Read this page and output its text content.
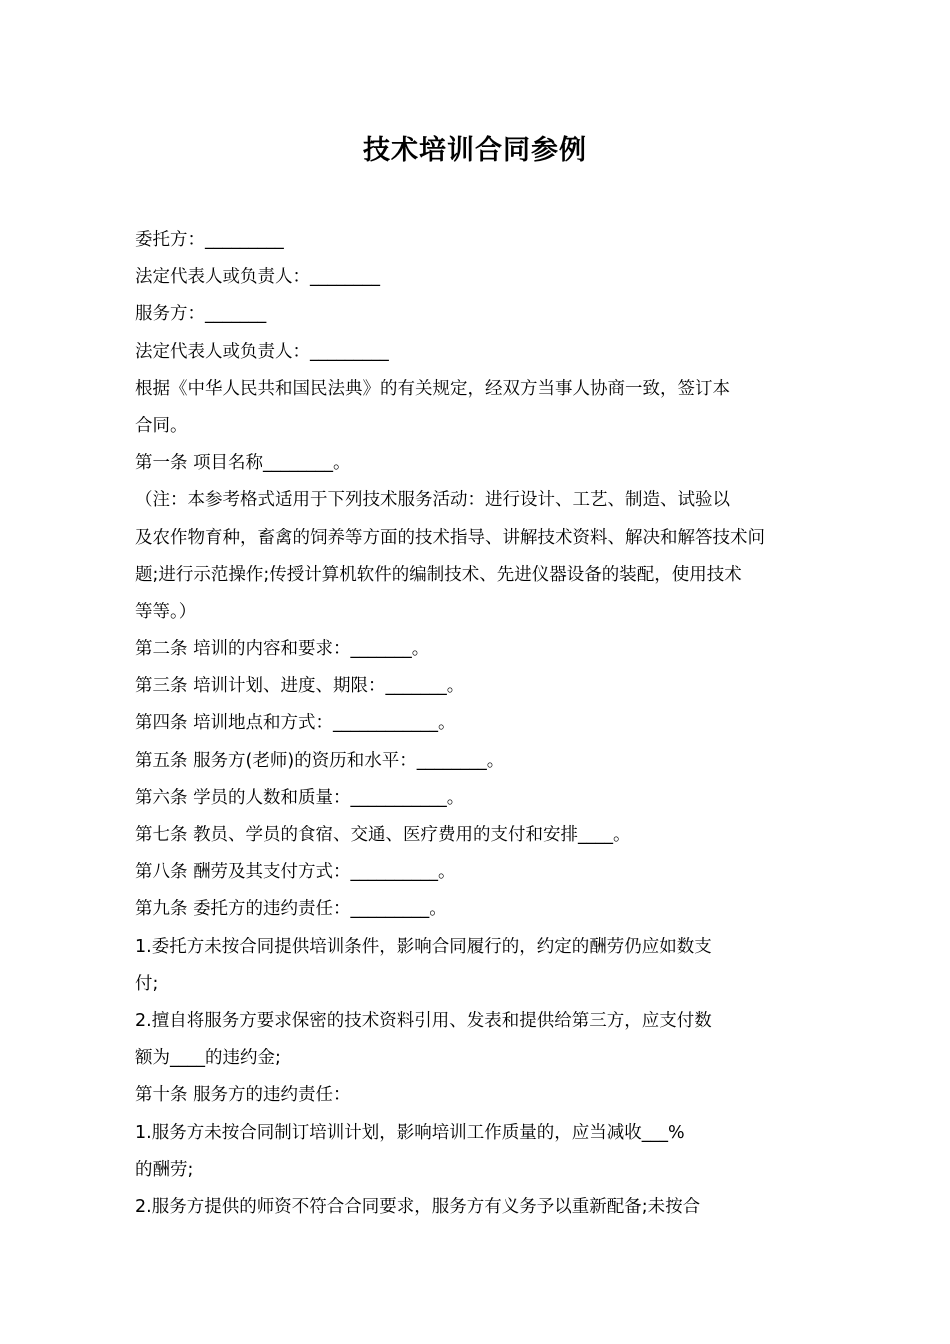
技术培训合同参例
委托方：_________
法定代表人或负责人：________
服务方：_______
法定代表人或负责人：_________
根据《中华人民共和国民法典》的有关规定，经双方当事人协商一致，签订本
合同。
第一条 项目名称________。
（注：本参考格式适用于下列技术服务活动：进行设计、工艺、制造、试验以
及农作物育种，畜禽的饲养等方面的技术指导、讲解技术资料、解决和解答技术问
题;进行示范操作;传授计算机软件的编制技术、先进仪器设备的装配，使用技术
等等。）
第二条 培训的内容和要求：_______。
第三条 培训计划、进度、期限：_______。
第四条 培训地点和方式：____________。
第五条 服务方(老师)的资历和水平：________。
第六条 学员的人数和质量：___________。
第七条 教员、学员的食宿、交通、医疗费用的支付和安排____。
第八条 酬劳及其支付方式：__________。
第九条 委托方的违约责任：_________。
1.委托方未按合同提供培训条件，影响合同履行的，约定的酬劳仍应如数支
付;
2.擅自将服务方要求保密的技术资料引用、发表和提供给第三方，应支付数
额为____的违约金;
第十条 服务方的违约责任：
1.服务方未按合同制订培训计划，影响培训工作质量的，应当减收___%
的酬劳;
2.服务方提供的师资不符合合同要求，服务方有义务予以重新配备;未按合
